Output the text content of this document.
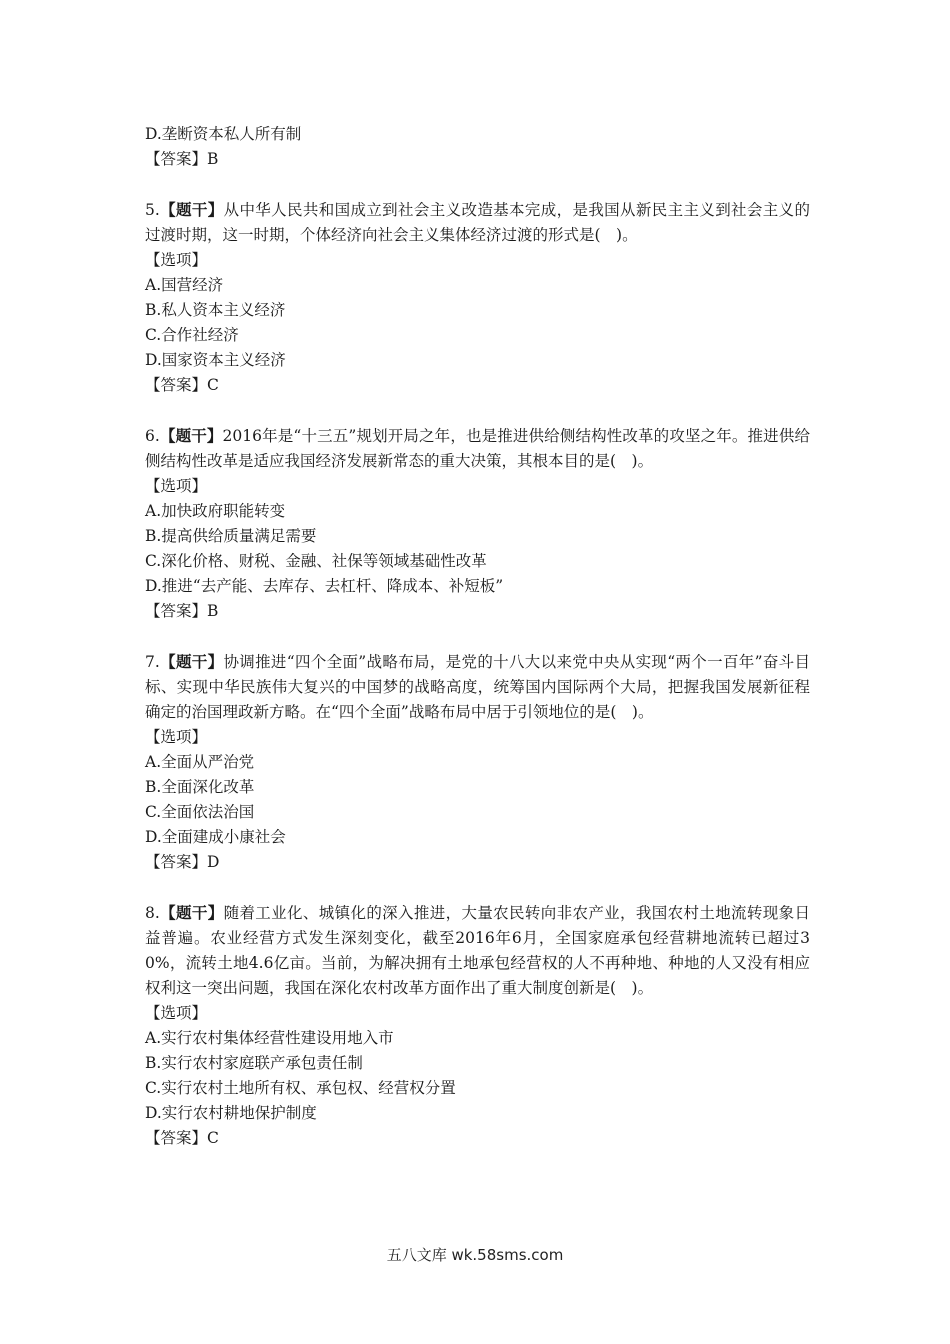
D.垄断资本私人所有制
【答案】B

5.【题干】从中华人民共和国成立到社会主义改造基本完成，是我国从新民主主义到社会主义的过渡时期，这一时期，个体经济向社会主义集体经济过渡的形式是(　)。

【选项】
A.国营经济
B.私人资本主义经济
C.合作社经济
D.国家资本主义经济
【答案】C

6.【题干】2016年是“十三五”规划开局之年，也是推进供给侧结构性改革的攻坚之年。推进供给侧结构性改革是适应我国经济发展新常态的重大决策，其根本目的是(　)。

【选项】
A.加快政府职能转变
B.提高供给质量满足需要
C.深化价格、财税、金融、社保等领域基础性改革
D.推进“去产能、去库存、去杠杆、降成本、补短板”
【答案】B

7.【题干】协调推进“四个全面”战略布局，是党的十八大以来党中央从实现“两个一百年”奋斗目标、实现中华民族伟大复兴的中国梦的战略高度，统筹国内国际两个大局，把握我国发展新征程确定的治国理政新方略。在“四个全面”战略布局中居于引领地位的是(　)。

【选项】
A.全面从严治党
B.全面深化改革
C.全面依法治国
D.全面建成小康社会
【答案】D

8.【题干】随着工业化、城镇化的深入推进，大量农民转向非农产业，我国农村土地流转现象日益普遍。农业经营方式发生深刻变化，截至2016年6月，全国家庭承包经营耕地流转已超过30%，流转土地4.6亿亩。当前，为解决拥有土地承包经营权的人不再种地、种地的人又没有相应权利这一突出问题，我国在深化农村改革方面作出了重大制度创新是(　)。

【选项】
A.实行农村集体经营性建设用地入市
B.实行农村家庭联产承包责任制
C.实行农村土地所有权、承包权、经营权分置
D.实行农村耕地保护制度
【答案】C
五八文库 wk.58sms.com
